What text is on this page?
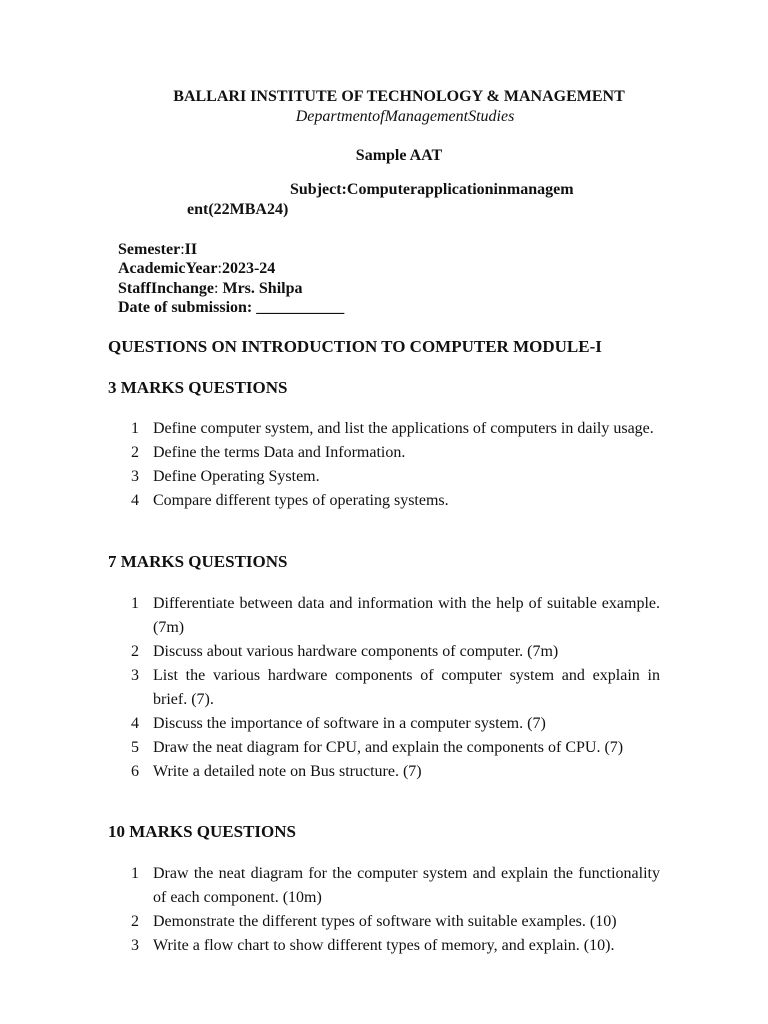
BALLARI INSTITUTE OF TECHNOLOGY & MANAGEMENT
DepartmentofManagementStudies
Sample AAT
Subject:Computerapplicationinmanagem
ent(22MBA24)
Semester:II
AcademicYear:2023-24
StaffInchange: Mrs. Shilpa
Date of submission: ___________
QUESTIONS ON INTRODUCTION TO COMPUTER MODULE-I
3 MARKS QUESTIONS
1 Define computer system, and list the applications of computers in daily usage.
2 Define the terms Data and Information.
3 Define Operating System.
4 Compare different types of operating systems.
7 MARKS QUESTIONS
1 Differentiate between data and information with the help of suitable example. (7m)
2 Discuss about various hardware components of computer. (7m)
3 List the various hardware components of computer system and explain in brief. (7).
4 Discuss the importance of software in a computer system. (7)
5 Draw the neat diagram for CPU, and explain the components of CPU. (7)
6 Write a detailed note on Bus structure. (7)
10 MARKS QUESTIONS
1 Draw the neat diagram for the computer system and explain the functionality of each component. (10m)
2 Demonstrate the different types of software with suitable examples. (10)
3 Write a flow chart to show different types of memory, and explain. (10).
